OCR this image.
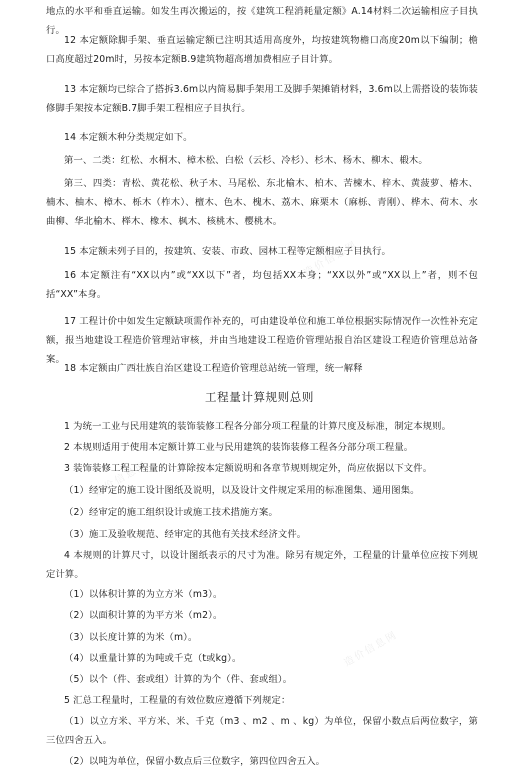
造价信息网
造价信息网
造价信息网
造价信息网

地点的水平和垂直运输。如发生再次搬运的，按《建筑工程消耗量定额》A.14材料二次运输相应子目执行。

12 本定额除脚手架、垂直运输定额已注明其适用高度外，均按建筑物檐口高度20m以下编制；檐口高度超过20m时，另按本定额B.9建筑物超高增加费相应子目计算。

13 本定额均已综合了搭拆3.6m以内简易脚手架用工及脚手架摊销材料，3.6m以上需搭设的装饰装修脚手架按本定额B.7脚手架工程相应子目执行。

14 本定额木种分类规定如下。

第一、二类：红松、水桐木、樟木松、白松（云杉、冷杉）、杉木、杨木、柳木、椴木。

第三、四类：青松、黄花松、秋子木、马尾松、东北榆木、柏木、苦楝木、梓木、黄菠萝、椿木、楠木、柚木、樟木、栎木（柞木）、檀木、色木、槐木、荔木、麻栗木（麻栎、青刚）、桦木、荷木、水曲柳、华北榆木、榉木、橡木、枫木、核桃木、樱桃木。

15 本定额未列子目的，按建筑、安装、市政、园林工程等定额相应子目执行。

16 本定额注有“XX以内”或“XX以下”者，均包括XX本身；“XX以外”或“XX以上”者，则不包括“XX”本身。

17 工程计价中如发生定额缺项需作补充的，可由建设单位和施工单位根据实际情况作一次性补充定额，报当地建设工程造价管理站审核，并由当地建设工程造价管理站报自治区建设工程造价管理总站备案。

18 本定额由广西壮族自治区建设工程造价管理总站统一管理，统一解释

工程量计算规则总则

1 为统一工业与民用建筑的装饰装修工程各分部分项工程量的计算尺度及标准，制定本规则。

2 本规则适用于使用本定额计算工业与民用建筑的装饰装修工程各分部分项工程量。

3 装饰装修工程工程量的计算除按本定额说明和各章节规则规定外，尚应依据以下文件。

（1）经审定的施工设计图纸及说明，以及设计文件规定采用的标准图集、通用图集。

（2）经审定的施工组织设计或施工技术措施方案。

（3）施工及验收规范、经审定的其他有关技术经济文件。

4 本规则的计算尺寸，以设计图纸表示的尺寸为准。除另有规定外，工程量的计量单位应按下列规定计算。

（1）以体积计算的为立方米（m3）。

（2）以面积计算的为平方米（m2）。

（3）以长度计算的为米（m）。

（4）以重量计算的为吨或千克（t或kg）。

（5）以个（件、套或组）计算的为个（件、套或组）。

5 汇总工程量时，工程量的有效位数应遵循下列规定：

（1）以立方米、平方米、米、千克（m3 、m2 、m 、kg）为单位，保留小数点后两位数字，第三位四舍五入。

（2）以吨为单位，保留小数点后三位数字，第四位四舍五入。
